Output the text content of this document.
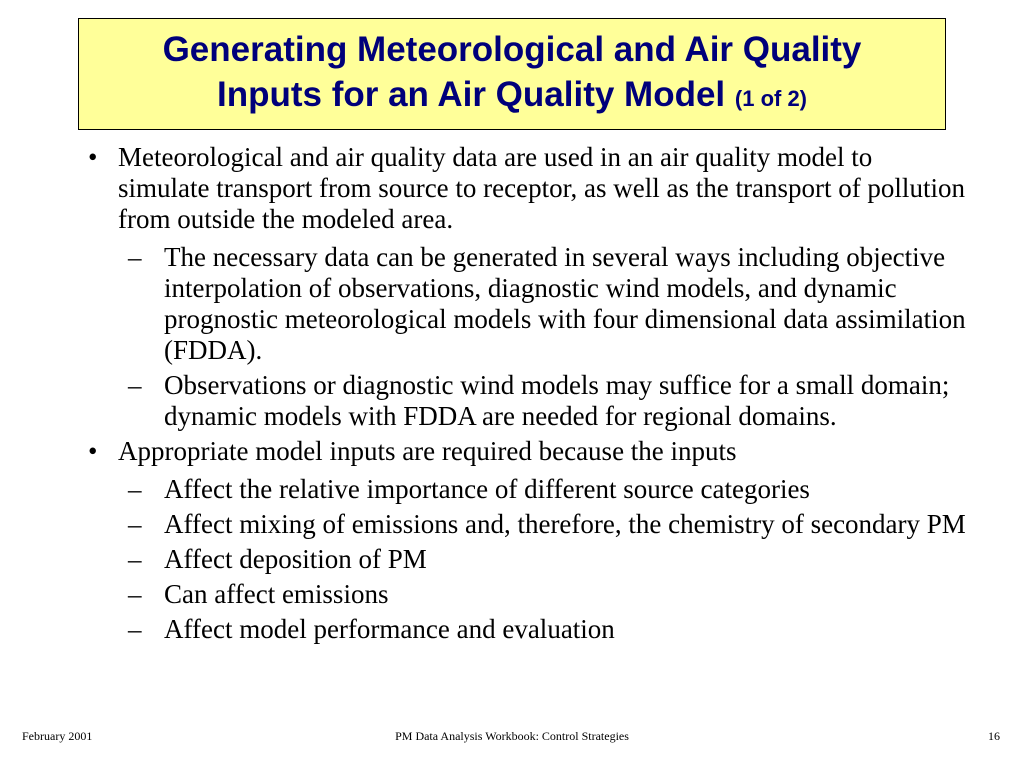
Generating Meteorological and Air Quality
Inputs for an Air Quality Model (1 of 2)
• Meteorological and air quality data are used in an air quality model to simulate transport from source to receptor, as well as the transport of pollution from outside the modeled area.
– The necessary data can be generated in several ways including objective interpolation of observations, diagnostic wind models, and dynamic prognostic meteorological models with four dimensional data assimilation (FDDA).
– Observations or diagnostic wind models may suffice for a small domain; dynamic models with FDDA are needed for regional domains.
• Appropriate model inputs are required because the inputs
– Affect the relative importance of different source categories
– Affect mixing of emissions and, therefore, the chemistry of secondary PM
– Affect deposition of PM
– Can affect emissions
– Affect model performance and evaluation
February 2001	PM Data Analysis Workbook: Control Strategies	16
